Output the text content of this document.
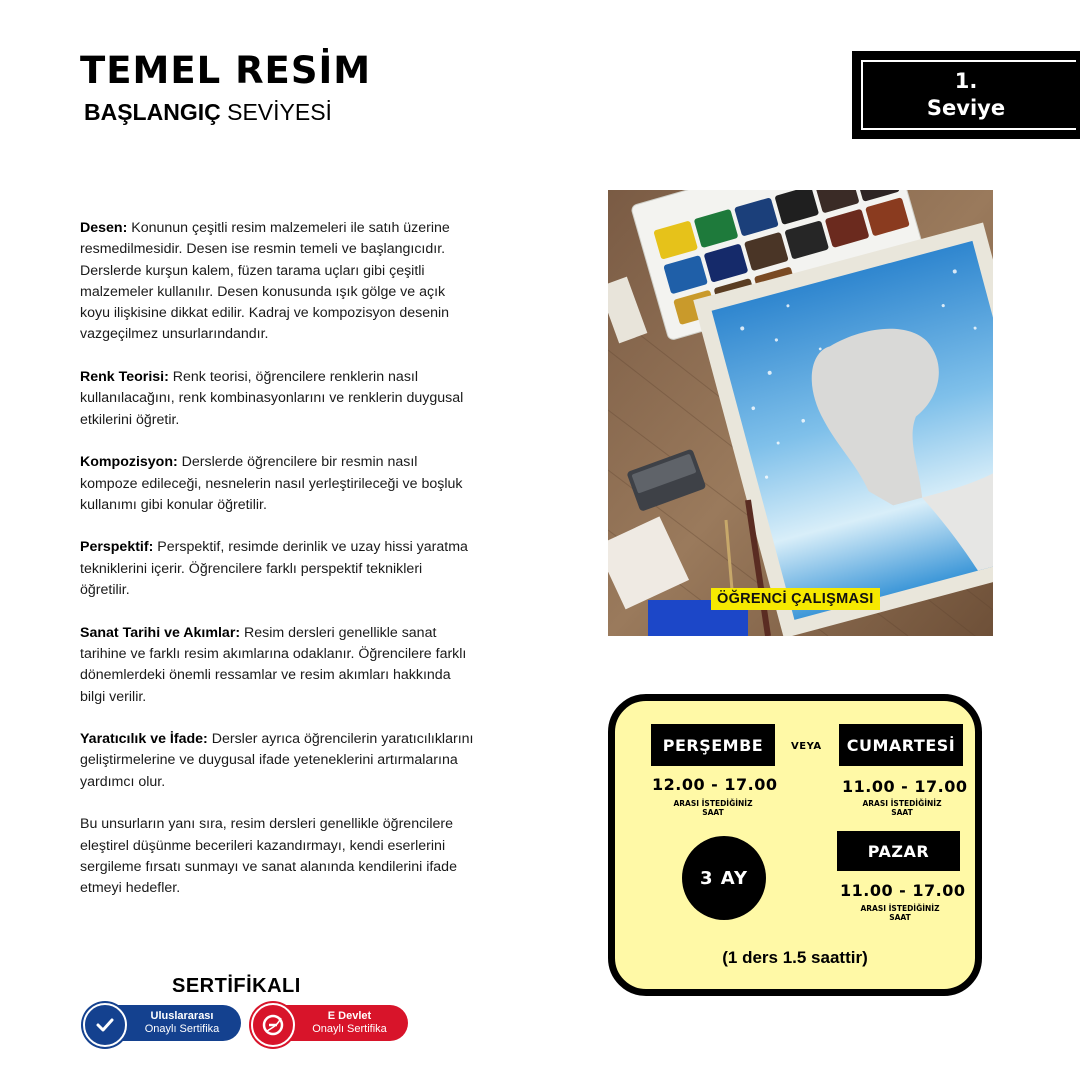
TEMEL RESİM
BAŞLANGIÇ SEVİYESİ
1.
Seviye

Desen: Konunun çeşitli resim malzemeleri ile satıh üzerine resmedilmesidir. Desen ise resmin temeli ve başlangıcıdır. Derslerde kurşun kalem, füzen tarama uçları gibi çeşitli malzemeler kullanılır. Desen konusunda ışık gölge ve açık koyu ilişkisine dikkat edilir. Kadraj ve kompozisyon desenin vazgeçilmez unsurlarındandır.

Renk Teorisi: Renk teorisi, öğrencilere renklerin nasıl kullanılacağını, renk kombinasyonlarını ve renklerin duygusal etkilerini öğretir.

Kompozisyon: Derslerde öğrencilere bir resmin nasıl kompoze edileceği, nesnelerin nasıl yerleştirileceği ve boşluk kullanımı gibi konular öğretilir.

Perspektif: Perspektif, resimde derinlik ve uzay hissi yaratma tekniklerini içerir. Öğrencilere farklı perspektif teknikleri öğretilir.

Sanat Tarihi ve Akımlar: Resim dersleri genellikle sanat tarihine ve farklı resim akımlarına odaklanır. Öğrencilere farklı dönemlerdeki önemli ressamlar ve resim akımları hakkında bilgi verilir.

Yaratıcılık ve İfade: Dersler ayrıca öğrencilerin yaratıcılıklarını geliştirmelerine ve duygusal ifade yeteneklerini artırmalarına yardımcı olur.

Bu unsurların yanı sıra, resim dersleri genellikle öğrencilere eleştirel düşünme becerileri kazandırmayı, kendi eserlerini sergileme fırsatı sunmayı ve sanat alanında kendilerini ifade etmeyi hedefler.

ÖĞRENCİ ÇALIŞMASI
PERŞEMBE	VEYA	CUMARTESİ
12.00 - 17.00
ARASI İSTEDİĞİNİZ
SAAT
11.00 - 17.00
ARASI İSTEDİĞİNİZ
SAAT
PAZAR
11.00 - 17.00
ARASI İSTEDİĞİNİZ
SAAT
3 AY
(1 ders 1.5 saattir)
SERTİFİKALI
Uluslararası
Onaylı Sertifika
E Devlet
Onaylı Sertifika
